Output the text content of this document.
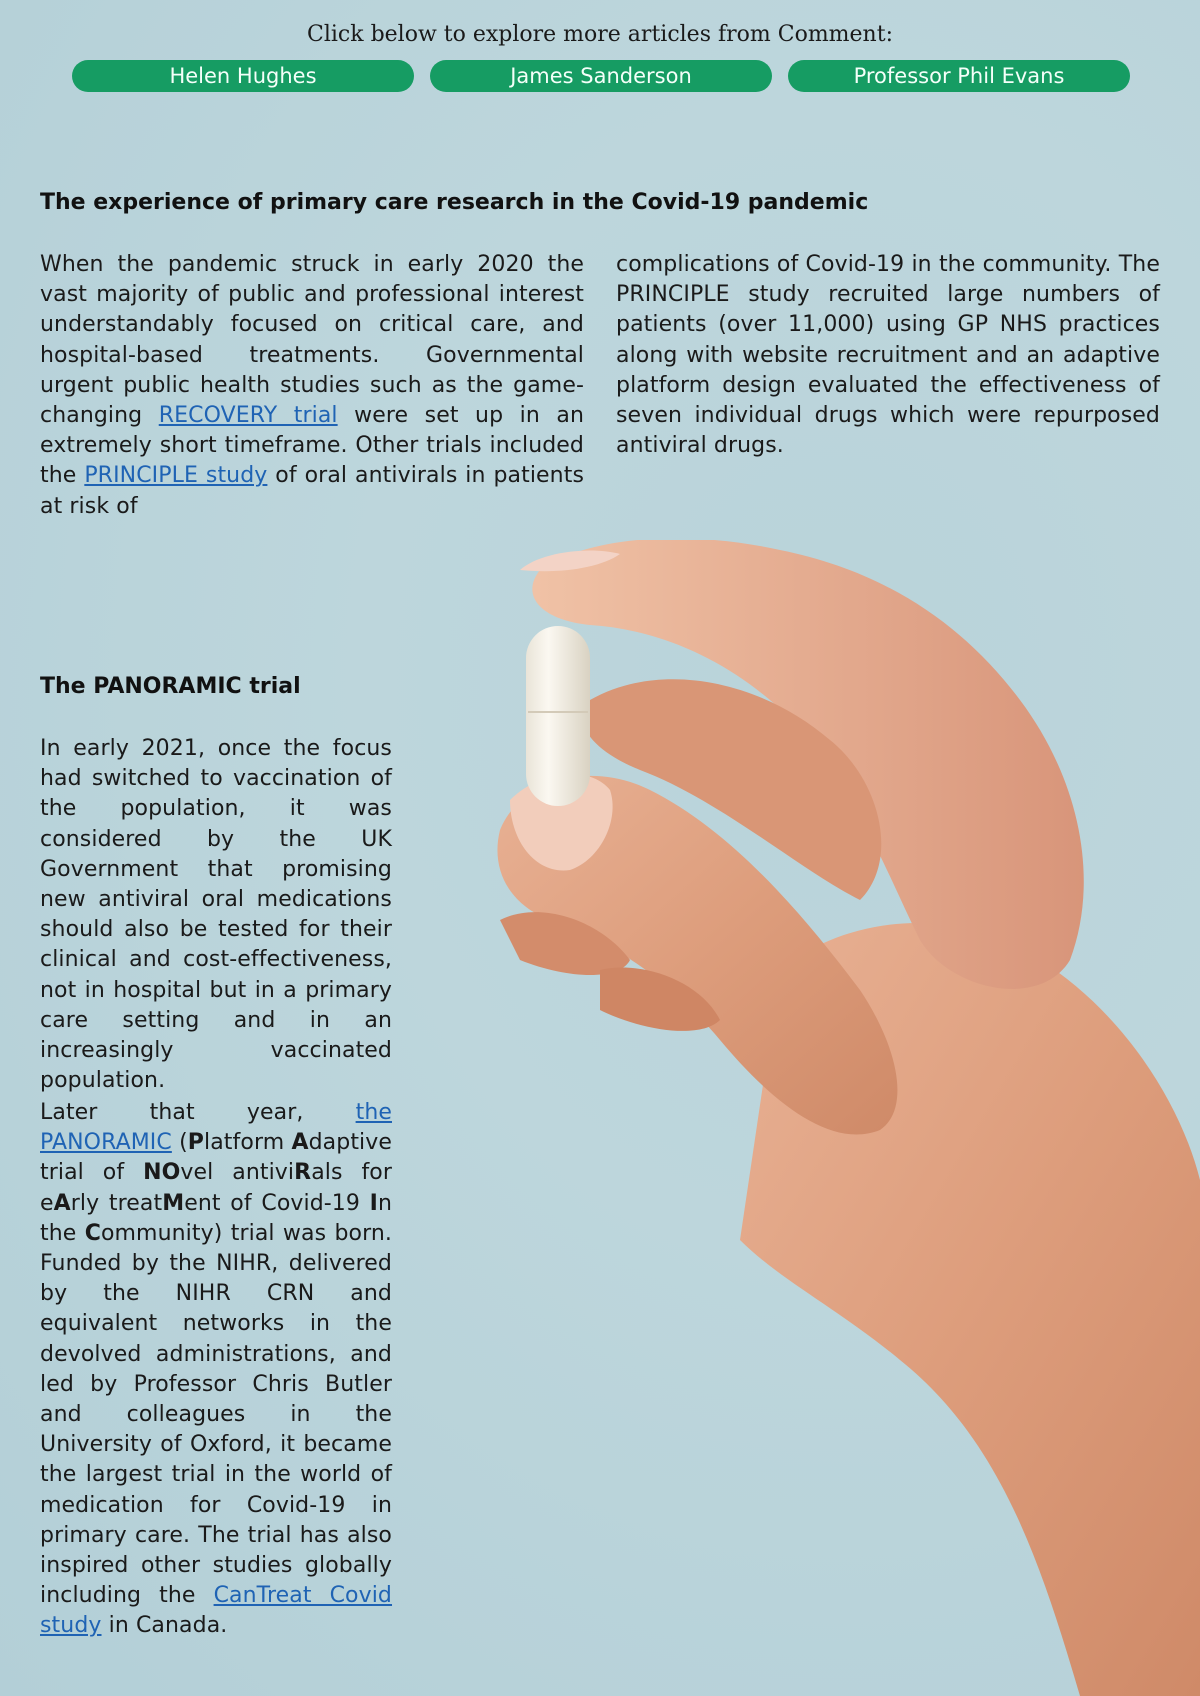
Click below to explore more articles from Comment:
Helen Hughes	James Sanderson	Professor Phil Evans
The experience of primary care research in the Covid-19 pandemic

When the pandemic struck in early 2020 the vast majority of public and professional interest understandably focused on critical care, and hospital-based treatments. Governmental urgent public health studies such as the game-changing RECOVERY trial were set up in an extremely short timeframe. Other trials included the PRINCIPLE study of oral antivirals in patients at risk of

complications of Covid-19 in the community. The PRINCIPLE study recruited large numbers of patients (over 11,000) using GP NHS practices along with website recruitment and an adaptive platform design evaluated the effectiveness of seven individual drugs which were repurposed antiviral drugs.

The PANORAMIC trial

In early 2021, once the focus had switched to vaccination of the population, it was considered by the UK Government that promising new antiviral oral medications should also be tested for their clinical and cost-effectiveness, not in hospital but in a primary care setting and in an increasingly vaccinated population.

Later that year, the PANORAMIC (Platform Adaptive trial of NOvel antiviRals for eArly treatMent of Covid-19 In the Community) trial was born. Funded by the NIHR, delivered by the NIHR CRN and equivalent networks in the devolved administrations, and led by Professor Chris Butler and colleagues in the University of Oxford, it became the largest trial in the world of medication for Covid-19 in primary care. The trial has also inspired other studies globally including the CanTreat Covid study in Canada.
